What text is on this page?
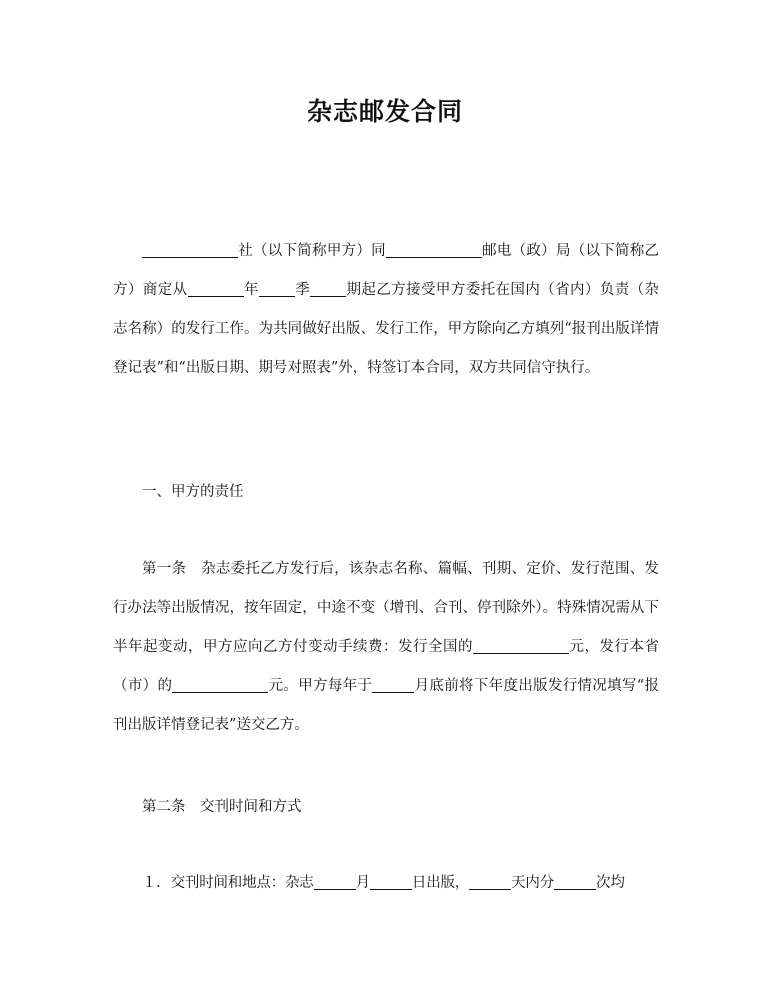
杂志邮发合同
社（以下简称甲方）同	邮电（政）局（以下简称乙方）商定从	年 季 期起乙方接受甲方委托在国内（省内）负责（杂志名称）的发行工作。为共同做好出版、发行工作，甲方除向乙方填列“报刊出版详情登记表”和“出版日期、期号对照表”外，特签订本合同，双方共同信守执行。
一、甲方的责任
第一条　杂志委托乙方发行后，该杂志名称、篇幅、刊期、定价、发行范围、发行办法等出版情况，按年固定，中途不变（增刊、合刊、停刊除外）。特殊情况需从下半年起变动，甲方应向乙方付变动手续费：发行全国的	元，发行本省（市）的	元。甲方每年于	月底前将下年度出版发行情况填写“报刊出版详情登记表”送交乙方。
第二条　交刊时间和方式
１．交刊时间和地点：杂志	月	日出版，	天内分	次均
